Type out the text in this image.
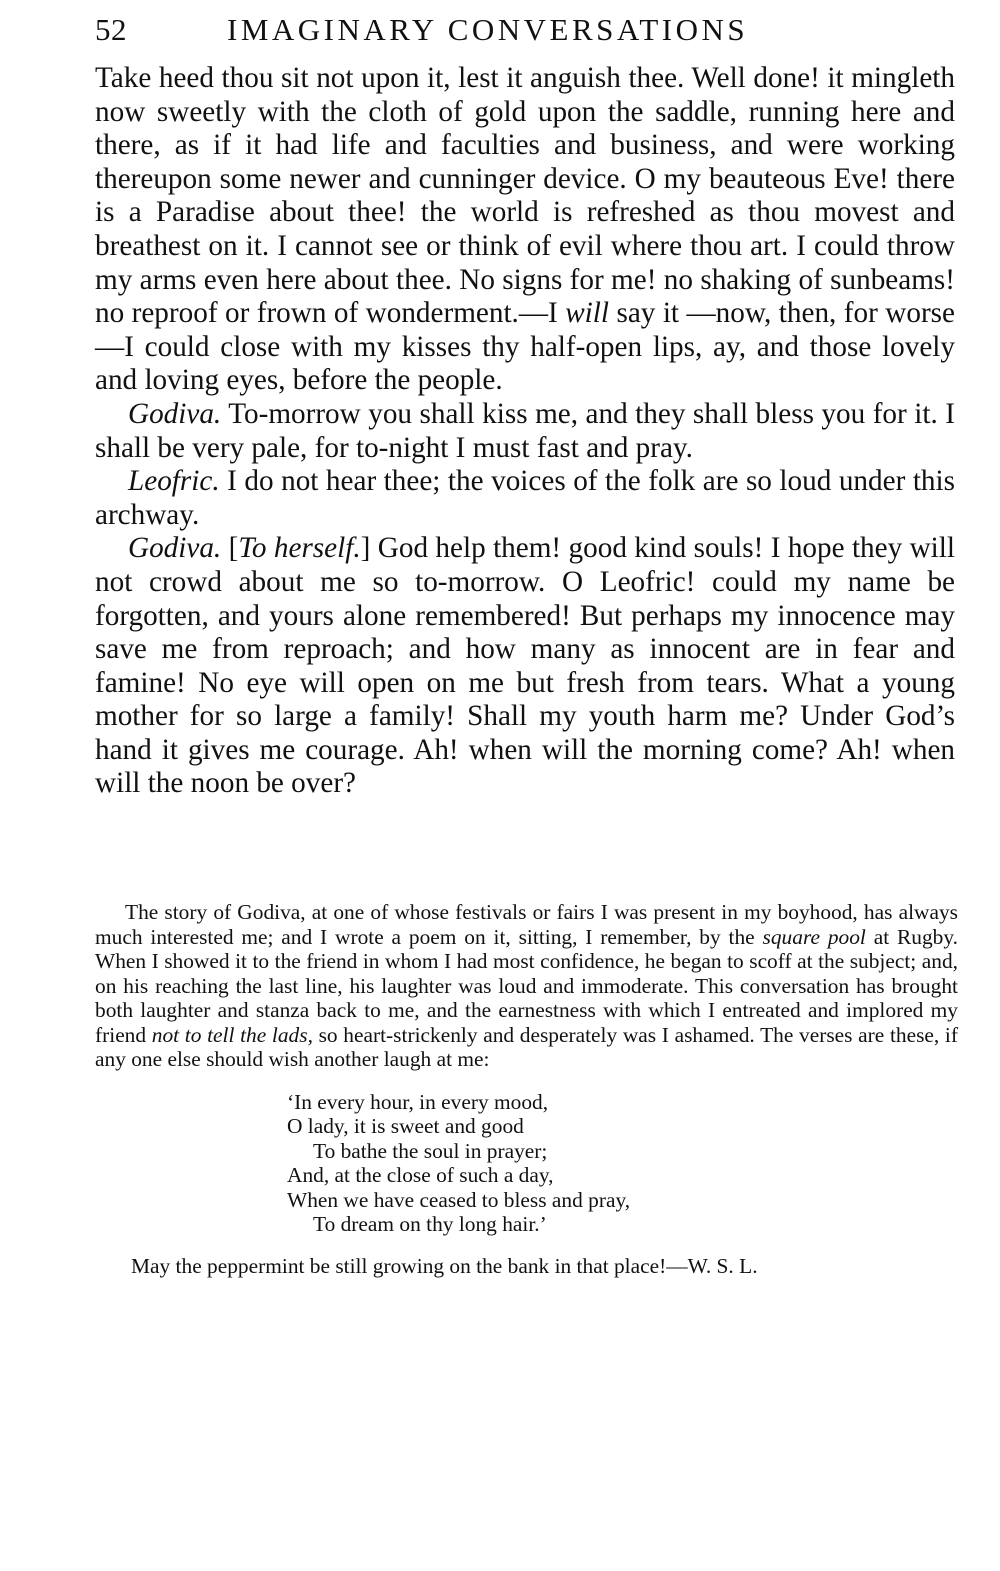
52	IMAGINARY CONVERSATIONS

Take heed thou sit not upon it, lest it anguish thee. Well done! it mingleth now sweetly with the cloth of gold upon the saddle, running here and there, as if it had life and faculties and business, and were working thereupon some newer and cunninger device. O my beauteous Eve! there is a Paradise about thee! the world is refreshed as thou movest and breathest on it. I cannot see or think of evil where thou art. I could throw my arms even here about thee. No signs for me! no shaking of sunbeams! no reproof or frown of wonderment.—I will say it —now, then, for worse—I could close with my kisses thy half-open lips, ay, and those lovely and loving eyes, before the people.

Godiva. To-morrow you shall kiss me, and they shall bless you for it. I shall be very pale, for to-night I must fast and pray.

Leofric. I do not hear thee; the voices of the folk are so loud under this archway.

Godiva. [To herself.] God help them! good kind souls! I hope they will not crowd about me so to-morrow. O Leofric! could my name be forgotten, and yours alone remembered! But perhaps my innocence may save me from reproach; and how many as innocent are in fear and famine! No eye will open on me but fresh from tears. What a young mother for so large a family! Shall my youth harm me? Under God’s hand it gives me courage. Ah! when will the morning come? Ah! when will the noon be over?

The story of Godiva, at one of whose festivals or fairs I was present in my boyhood, has always much interested me; and I wrote a poem on it, sitting, I remember, by the square pool at Rugby. When I showed it to the friend in whom I had most confidence, he began to scoff at the subject; and, on his reaching the last line, his laughter was loud and immoderate. This conversation has brought both laughter and stanza back to me, and the earnestness with which I entreated and implored my friend not to tell the lads, so heart-strickenly and desperately was I ashamed. The verses are these, if any one else should wish another laugh at me:

‘In every hour, in every mood,
O lady, it is sweet and good
To bathe the soul in prayer;
And, at the close of such a day,
When we have ceased to bless and pray,
To dream on thy long hair.’
May the peppermint be still growing on the bank in that place!—W. S. L.
